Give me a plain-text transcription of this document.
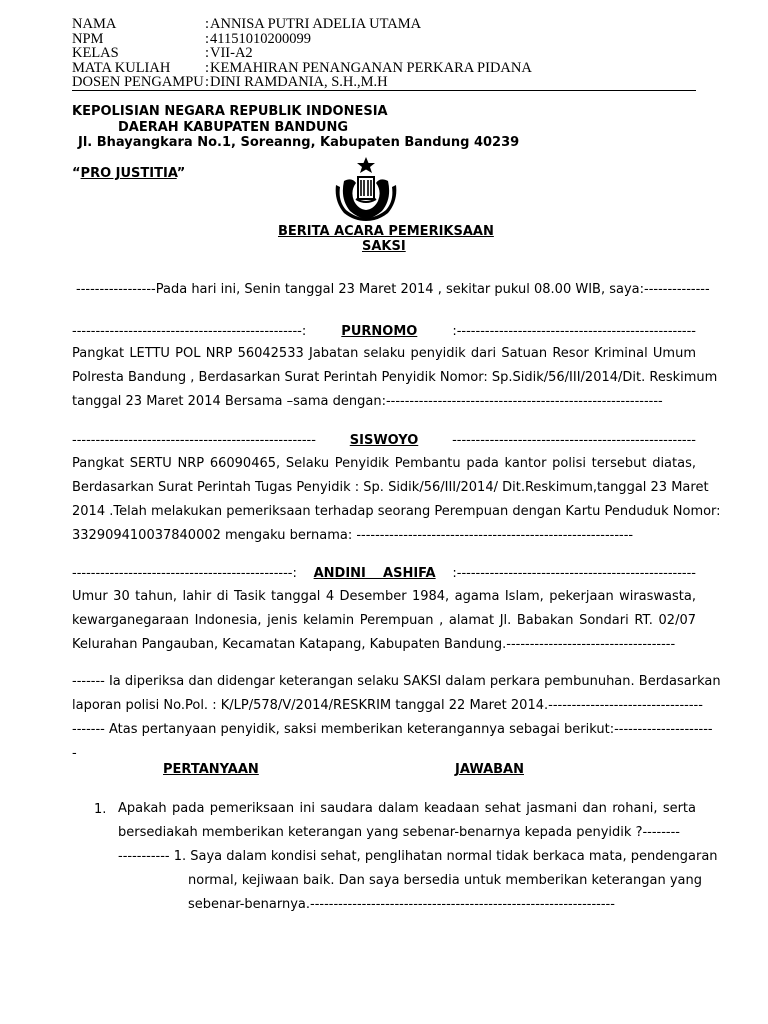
NAMA	: ANNISA PUTRI ADELIA UTAMA
NPM	: 41151010200099
KELAS	: VII-A2
MATA KULIAH	: KEMAHIRAN PENANGANAN PERKARA PIDANA
DOSEN PENGAMPU : DINI RAMDANIA, S.H.,M.H
KEPOLISIAN NEGARA REPUBLIK INDONESIA
DAERAH KABUPATEN BANDUNG
Jl. Bhayangkara No.1, Soreanng, Kabupaten Bandung 40239
“PRO JUSTITIA”
BERITA ACARA PEMERIKSAAN
SAKSI
-----------------Pada hari ini, Senin tanggal 23 Maret 2014 , sekitar pukul 08.00 WIB, saya:--------------
-------------------------------------------------:	PURNOMO	:---------------------------------------------------
Pangkat LETTU POL NRP 56042533 Jabatan selaku penyidik dari Satuan Resor Kriminal Umum
Polresta Bandung , Berdasarkan Surat Perintah Penyidik Nomor: Sp.Sidik/56/III/2014/Dit. Reskimum
tanggal 23 Maret 2014 Bersama –sama dengan:-----------------------------------------------------------
----------------------------------------------------	SISWOYO	----------------------------------------------------
Pangkat SERTU NRP 66090465, Selaku Penyidik Pembantu pada kantor polisi tersebut diatas,
Berdasarkan Surat Perintah Tugas Penyidik : Sp. Sidik/56/III/2014/ Dit.Reskimum,tanggal 23 Maret
2014 .Telah melakukan pemeriksaan terhadap seorang Perempuan dengan Kartu Penduduk Nomor:
332909410037840002 mengaku bernama: -----------------------------------------------------------
-----------------------------------------------: ANDINI ASHIFA :---------------------------------------------------
Umur 30 tahun, lahir di Tasik tanggal 4 Desember 1984, agama Islam, pekerjaan wiraswasta,
kewarganegaraan Indonesia, jenis kelamin Perempuan , alamat Jl. Babakan Sondari RT. 02/07
Kelurahan Pangauban, Kecamatan Katapang, Kabupaten Bandung.------------------------------------
------- Ia diperiksa dan didengar keterangan selaku SAKSI dalam perkara pembunuhan. Berdasarkan
laporan polisi No.Pol. : K/LP/578/V/2014/RESKRIM tanggal 22 Maret 2014.---------------------------------
------- Atas pertanyaan penyidik, saksi memberikan keterangannya sebagai berikut:---------------------
-
PERTANYAAN	JAWABAN
1. Apakah pada pemeriksaan ini saudara dalam keadaan sehat jasmani dan rohani, serta
bersediakah memberikan keterangan yang sebenar-benarnya kepada penyidik ?--------
----------- 1. Saya dalam kondisi sehat, penglihatan normal tidak berkaca mata, pendengaran
normal, kejiwaan baik. Dan saya bersedia untuk memberikan keterangan yang
sebenar-benarnya.-----------------------------------------------------------------
